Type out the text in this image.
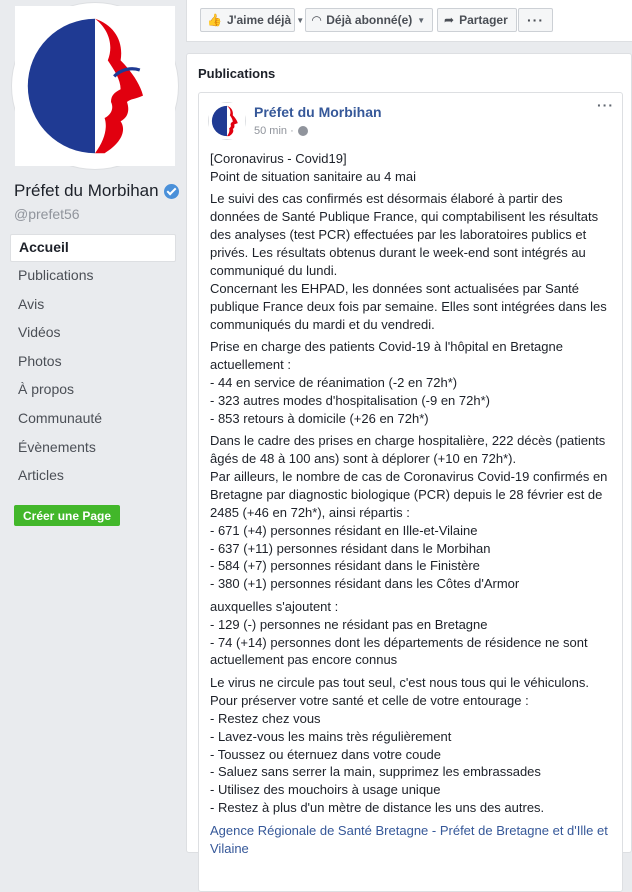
Préfet du Morbihan
@prefet56
Accueil
Publications
Avis
Vidéos
Photos
À propos
Communauté
Évènements
Articles
Créer une Page
👍 J'aime déjà ▼ ◠ Déjà abonné(e) ▼ ➦ Partager	···
Publications
Préfet du Morbihan
50 min ·
···

[Coronavirus - Covid19]
Point de situation sanitaire au 4 mai

Le suivi des cas confirmés est désormais élaboré à partir des données de Santé Publique France, qui comptabilisent les résultats des analyses (test PCR) effectuées par les laboratoires publics et privés. Les résultats obtenus durant le week-end sont intégrés au communiqué du lundi.
Concernant les EHPAD, les données sont actualisées par Santé publique France deux fois par semaine. Elles sont intégrées dans les communiqués du mardi et du vendredi.

Prise en charge des patients Covid-19 à l'hôpital en Bretagne actuellement :
- 44 en service de réanimation (-2 en 72h*)
- 323 autres modes d'hospitalisation (-9 en 72h*)
- 853 retours à domicile (+26 en 72h*)

Dans le cadre des prises en charge hospitalière, 222 décès (patients âgés de 48 à 100 ans) sont à déplorer (+10 en 72h*).
Par ailleurs, le nombre de cas de Coronavirus Covid-19 confirmés en Bretagne par diagnostic biologique (PCR) depuis le 28 février est de 2485 (+46 en 72h*), ainsi répartis :
- 671 (+4) personnes résidant en Ille-et-Vilaine
- 637 (+11) personnes résidant dans le Morbihan
- 584 (+7) personnes résidant dans le Finistère
- 380 (+1) personnes résidant dans les Côtes d'Armor

auxquelles s'ajoutent :
- 129 (-) personnes ne résidant pas en Bretagne
- 74 (+14) personnes dont les départements de résidence ne sont actuellement pas encore connus

Le virus ne circule pas tout seul, c'est nous tous qui le véhiculons.
Pour préserver votre santé et celle de votre entourage :
- Restez chez vous
- Lavez-vous les mains très régulièrement
- Toussez ou éternuez dans votre coude
- Saluez sans serrer la main, supprimez les embrassades
- Utilisez des mouchoirs à usage unique
- Restez à plus d'un mètre de distance les uns des autres.

Agence Régionale de Santé Bretagne - Préfet de Bretagne et d'Ille et Vilaine
